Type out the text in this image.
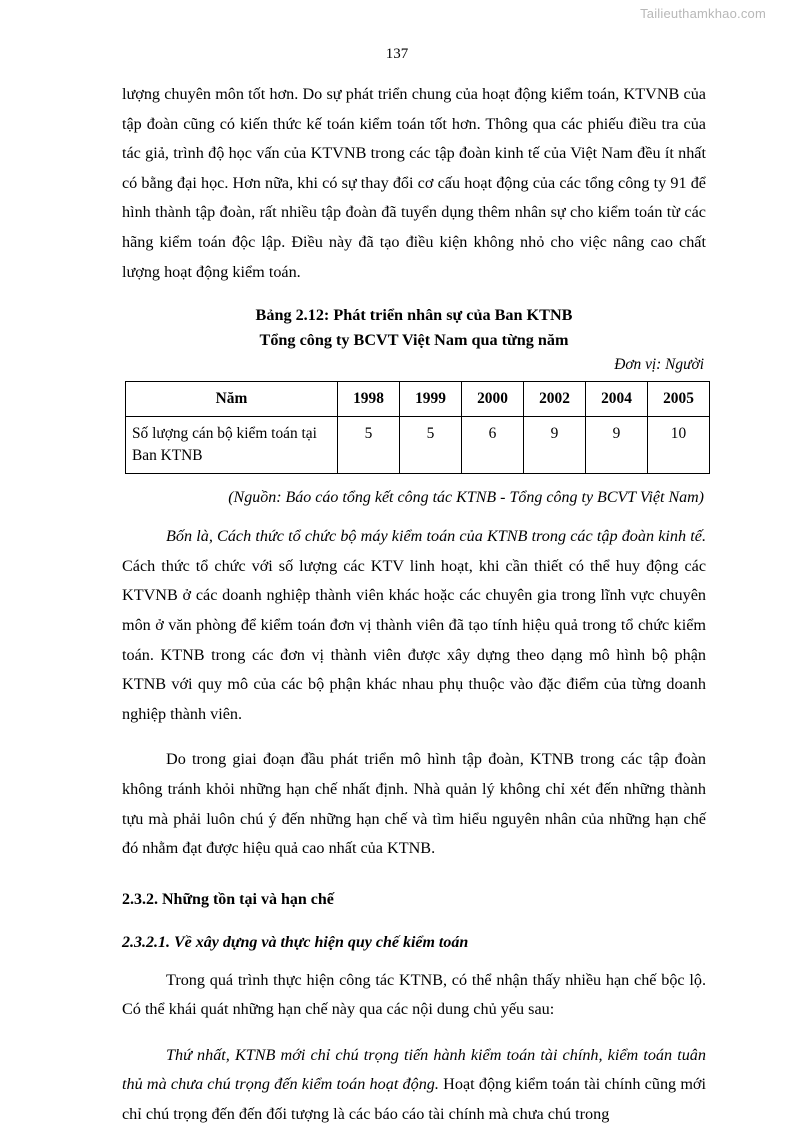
Tailieuthamkhao.com
137

lượng chuyên môn tốt hơn. Do sự phát triển chung của hoạt động kiểm toán, KTVNB của tập đoàn cũng có kiến thức kế toán kiểm toán tốt hơn. Thông qua các phiếu điều tra của tác giả, trình độ học vấn của KTVNB trong các tập đoàn kinh tế của Việt Nam đều ít nhất có bằng đại học. Hơn nữa, khi có sự thay đổi cơ cấu hoạt động của các tổng công ty 91 để hình thành tập đoàn, rất nhiều tập đoàn đã tuyển dụng thêm nhân sự cho kiểm toán từ các hãng kiểm toán độc lập. Điều này đã tạo điều kiện không nhỏ cho việc nâng cao chất lượng hoạt động kiểm toán.

Bảng 2.12: Phát triển nhân sự của Ban KTNB

Tổng công ty BCVT Việt Nam qua từng năm

Đơn vị: Người

Năm	1998	1999	2000	2002	2004	2005
Số lượng cán bộ kiểm toán tại Ban KTNB	5	5	6	9	9	10

(Nguồn: Báo cáo tổng kết công tác KTNB - Tổng công ty BCVT Việt Nam)

Bốn là, Cách thức tổ chức bộ máy kiểm toán của KTNB trong các tập đoàn kinh tế. Cách thức tổ chức với số lượng các KTV linh hoạt, khi cần thiết có thể huy động các KTVNB ở các doanh nghiệp thành viên khác hoặc các chuyên gia trong lĩnh vực chuyên môn ở văn phòng để kiểm toán đơn vị thành viên đã tạo tính hiệu quả trong tổ chức kiểm toán. KTNB trong các đơn vị thành viên được xây dựng theo dạng mô hình bộ phận KTNB với quy mô của các bộ phận khác nhau phụ thuộc vào đặc điểm của từng doanh nghiệp thành viên.

Do trong giai đoạn đầu phát triển mô hình tập đoàn, KTNB trong các tập đoàn không tránh khỏi những hạn chế nhất định. Nhà quản lý không chỉ xét đến những thành tựu mà phải luôn chú ý đến những hạn chế và tìm hiểu nguyên nhân của những hạn chế đó nhằm đạt được hiệu quả cao nhất của KTNB.

2.3.2. Những tồn tại và hạn chế
2.3.2.1. Về xây dựng và thực hiện quy chế kiểm toán

Trong quá trình thực hiện công tác KTNB, có thể nhận thấy nhiều hạn chế bộc lộ. Có thể khái quát những hạn chế này qua các nội dung chủ yếu sau:

Thứ nhất, KTNB mới chỉ chú trọng tiến hành kiểm toán tài chính, kiểm toán tuân thủ mà chưa chú trọng đến kiểm toán hoạt động. Hoạt động kiểm toán tài chính cũng mới chỉ chú trọng đến đến đối tượng là các báo cáo tài chính mà chưa chú trong
